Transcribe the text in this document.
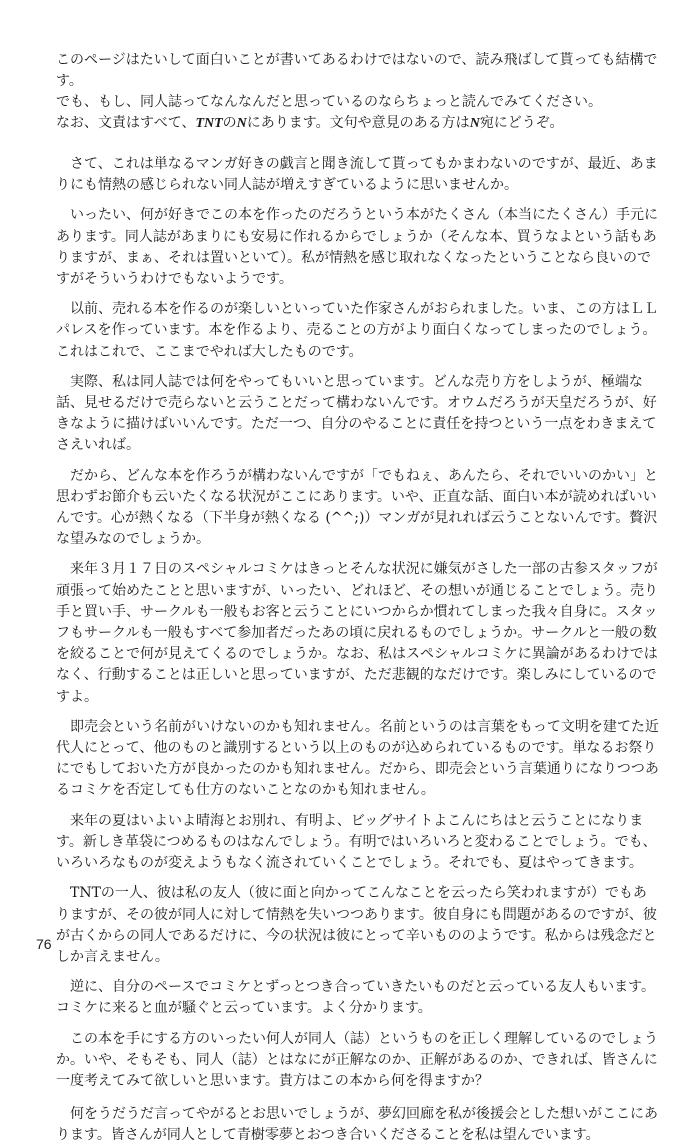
このページはたいして面白いことが書いてあるわけではないので、読み飛ばして貰っても結構です。

でも、もし、同人誌ってなんなんだと思っているのならちょっと読んでみてください。

なお、文責はすべて、TNTのNにあります。文句や意見のある方はN宛にどうぞ。

さて、これは単なるマンガ好きの戯言と聞き流して貰ってもかまわないのですが、最近、あまりにも情熱の感じられない同人誌が増えすぎているように思いませんか。

いったい、何が好きでこの本を作ったのだろうという本がたくさん（本当にたくさん）手元にあります。同人誌があまりにも安易に作れるからでしょうか（そんな本、買うなよという話もありますが、まぁ、それは置いといて）。私が情熱を感じ取れなくなったということなら良いのですがそういうわけでもないようです。

以前、売れる本を作るのが楽しいといっていた作家さんがおられました。いま、この方はＬＬパレスを作っています。本を作るより、売ることの方がより面白くなってしまったのでしょう。これはこれで、ここまでやれば大したものです。

実際、私は同人誌では何をやってもいいと思っています。どんな売り方をしようが、極端な話、見せるだけで売らないと云うことだって構わないんです。オウムだろうが天皇だろうが、好きなように描けばいいんです。ただ一つ、自分のやることに責任を持つという一点をわきまえてさえいれば。

だから、どんな本を作ろうが構わないんですが「でもねぇ、あんたら、それでいいのかい」と思わずお節介も云いたくなる状況がここにあります。いや、正直な話、面白い本が読めればいいんです。心が熱くなる（下半身が熱くなる (^^;)）マンガが見れれば云うことないんです。贅沢な望みなのでしょうか。

来年３月１７日のスペシャルコミケはきっとそんな状況に嫌気がさした一部の古参スタッフが頑張って始めたことと思いますが、いったい、どれほど、その想いが通じることでしょう。売り手と買い手、サークルも一般もお客と云うことにいつからか慣れてしまった我々自身に。スタッフもサークルも一般もすべて参加者だったあの頃に戻れるものでしょうか。サークルと一般の数を絞ることで何が見えてくるのでしょうか。なお、私はスペシャルコミケに異論があるわけではなく、行動することは正しいと思っていますが、ただ悲観的なだけです。楽しみにしているのですよ。

即売会という名前がいけないのかも知れません。名前というのは言葉をもって文明を建てた近代人にとって、他のものと識別するという以上のものが込められているものです。単なるお祭りにでもしておいた方が良かったのかも知れません。だから、即売会という言葉通りになりつつあるコミケを否定しても仕方のないことなのかも知れません。

来年の夏はいよいよ晴海とお別れ、有明よ、ビッグサイトよこんにちはと云うことになります。新しき革袋につめるものはなんでしょう。有明ではいろいろと変わることでしょう。でも、いろいろなものが変えようもなく流されていくことでしょう。それでも、夏はやってきます。

TNTの一人、彼は私の友人（彼に面と向かってこんなことを云ったら笑われますが）でもありますが、その彼が同人に対して情熱を失いつつあります。彼自身にも問題があるのですが、彼が古くからの同人であるだけに、今の状況は彼にとって辛いもののようです。私からは残念だとしか言えません。

逆に、自分のペースでコミケとずっとつき合っていきたいものだと云っている友人もいます。コミケに来ると血が騒ぐと云っています。よく分かります。

この本を手にする方のいったい何人が同人（誌）というものを正しく理解しているのでしょうか。いや、そもそも、同人（誌）とはなにが正解なのか、正解があるのか、できれば、皆さんに一度考えてみて欲しいと思います。貴方はこの本から何を得ますか？

何をうだうだ言ってやがるとお思いでしょうが、夢幻回廊を私が後援会とした想いがここにあります。皆さんが同人として青樹零夢とおつき合いくださることを私は望んでいます。

76
